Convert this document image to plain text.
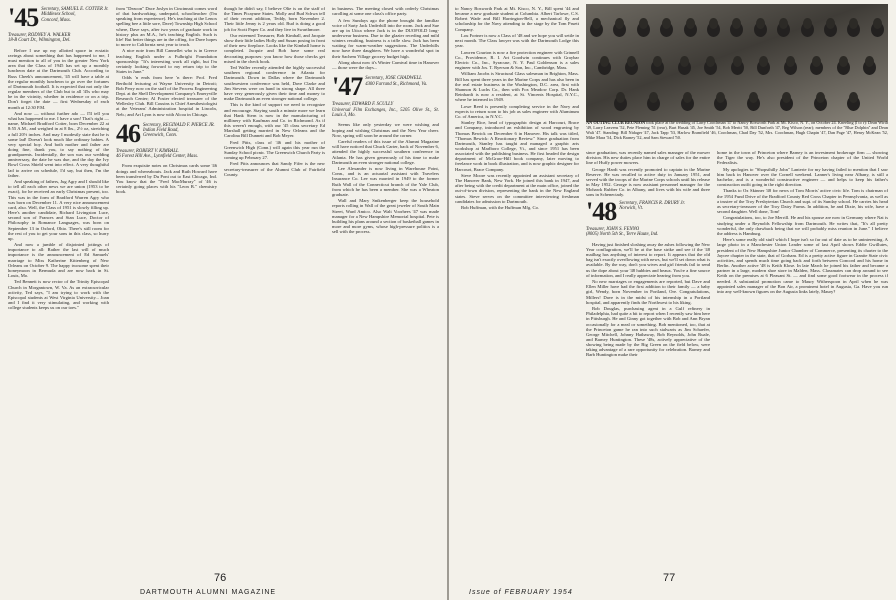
'45 Secretary, SAMUEL E. COTTER Jr.
Middlesex School,
Concord, Mass.
Treasurer, RODNEY A. WALKER
18-B Court Dr., Wilmington, Del.

Before I use up my allotted space in ecstatic ravings about something that has happened to me, I must mention to all of you in the greater New York area that the Class of 1945 has set up a monthly luncheon date at the Dartmouth Club. According to Russ Cheek's announcement, '45 will have a table at the regular monthly luncheon to go over the fortunes of Dartmouth football. It is expected that not only the regular members of the Club but to all '45s who may be in the vicinity, whether in residence or on a trip. Don't forget the date — first Wednesday of each month at 12:30 P.M.

And now — without further ado — I'll tell you what has happened to me. I have a son! That's right — name, Michael Bradford Cotter, born December 22 at 8:55 A.M., and weighed in at 8 lbs., 2½ oz, stretching a full 20½ inches. And may I modestly state that he is some lad! Doesn't look much like ordinary babies. A very special boy. And both mother and father are doing fine, thank you, to say nothing of the grandparents. Incidentally, the son was our wedding anniversary, the date he was due, and the day the Ivy Bowl Cross Shield went into effect. A very thoughtful lad to arrive on schedule, I'd say, but then, I'm the father.

And speaking of fathers, Jug Agry and I should like to tell all each other news we are union (1953 to be exact), for he received an early Christmas present, too. This was in the form of Bradford Warren Agry who was born on December 11. A very nice announcement card, also. Well, the Class of 1951 is slowly filling up. Here's another candidate, Richard Livingston Luce, second son of Frances and Stan Luce, Doctor of Philosophy in Romance Languages, was born on September 13 in Oxford, Ohio. There's still room for the rest of you to get your sons in this class, so hurry up.

And now a jumble of disjointed jottings of importance to all: Rather the last will of much importance is the announcement of Ed Samuels' marriage to Miss Katherine Kittenberg of New Orleans on October 9. The happy twosome spent their honeymoon in Bermuda and are now back in St. Louis, Mo.

Ted Bennett is now rector of the Trinity Episcopal Church in Morgantown, W. Va. As an extracurricular activity, Ted says, "I am trying to work with the Episcopal students at West Virginia University... Joan and I find it very stimulating, and working with college students keeps us on our toes."

from "Deacon" Dace Joslyn in Cincinnati comes word of that hardworking, underpaid, schoolteacher (I'm speaking from experience). He's teaching at the Lenox spelling bee a little sore, Dave) Township High School where, Dave says, after two years of graduate work in history plus an M.A., he's teaching English. Such is life! But better things are in the offing, for Dave hopes to move to California next year to teach.

A nice note from Bill Cannellet who is in Greece teaching English under a Fulbright Foundation sponsorship: "It's interesting work all right, but I'm certainly looking forward to my return trip to the States in June."

Odds 'n ends from here 'n there: Prof. Fred Berthold lecturing at Wayne University in Detroit; Bob Perry now on the staff of the Process Engineering Dept. at the Shell Development Company's Emeryville Research Center; Al Foster elected treasurer of the Wellesley Club. Bill Cousins is Chief Anesthesiologist at the Veterans' Administration hospital in Lincoln, Neb.; and Art Lyon is now with Alcoa in Chicago.

46 Secretary, REGINALD F. PIERCE JR.
Indian Field Road,
Greenwich, Conn.
Treasurer, ROBERT V. KIMBALL
46 Forest Hill Ave., Lynnfield Center, Mass.

From exquisite notes on Christmas cards some '46 doings and whereabouts. Jack and Ruth Howard have been transferred by Du Pont out to East Chicago, Ind. You know that the "Fred MacMurray" of '46 is certainly going places with his "Leon B." chemistry book.

though he didn't say, I believe Olie is on the staff of the Times Picayune States. Molly and Bud Schwa tell of their recent addition, Teddy, born November 2. Their little Jenny is 2 years old. Bud is doing a good job for Scott Paper Co. and they live in Swarthmore.

Our esteemed Treasurer, Bob Kimball, and Jacquie show their little ladies Holly and Susan posing in front of their new fireplace. Looks like the Kimball home is completed. Jacquie and Bob have some real decorating purposes: you know how those checks get mixed in the check book.

Ted Waller recently attended the highly successful southern regional conference in Atlanta for Dartmouth. Down in Dallas where the Dartmouth southwestern conference was held, Dave Clarke and Jim Stevens were on hand in strong shape. All three have very generously given their time and money to make Dartmouth an even stronger national college.

This is the kind of support we need to recognize and encourage. Staying south a minute more we learn that Hank Stern is now in the manufacturing of millinery with Kaufman and Co. in Richmond. As if this weren't enough, with our '45 class secretary Ed Marshall getting married in New Orleans and the Carolina Bill Dunnett and Bob Meyer.

Fred Pitts, class of '46 and his mother of Greenwich High (Conn.) will again this year run the Sunday School picnic. The Greenwich Church Party is coming up February 27.

Fred Pitts announces that Sandy Fifer is the new secretary-treasurer of the Alumni Club of Fairfield County.

in business. The meeting closed with orderly Christmas carolling at some one class's office party.

A few Sundays ago the phone brought the familiar voice of Sarty Jack Underhill into the room. Jack and Sue are up in Utica where Jack is in the DUOFOLD long-underwear business. Due to the glazier receding and mild winters resulting, business is a trifle slow. Jack has been waiting for warm-weather suggestions. The Underhills now have three daughters. We have a wonderful spot in their Sachem Village grocery budget high.

Along about now it's Winter Carnival time in Hanover — those were the days...

'47 Secretary, JOSE CHADWELL
4300 Farrand St., Richmond, Va.
Treasurer, EDWARD F. SCULLY
Universal Film Exchanges, Inc., 5205 Olive St., St. Louis 3, Mo.

Seems like only yesterday we were wishing and hoping and wishing Christmas and the New Year cheer. Now, spring will soon be around the corner.

Careful readers of this issue of the Alumni Magazine will have noticed that Chuck Carter, back of November 6, attended the highly successful southern conference in Atlanta. He has given generously of his time to make Dartmouth an even stronger national college.

Lee Alexander is now living in Warehouse Point, Conn., and is an actuarial assistant with Travelers Insurance Co. Lee was married in 1949 to the former Ruth Wall of the Connecticut branch of the Yale Club, from which he has been a member. She was a Wheaton graduate.

Wall and Mary Snikenberger keep the household reports rolling in Wall of the great jeweler of South Main Street, Ward Amico. Also Walt Voorhees '47 was made manager for a New Hampshire Memorial hospital. Pete is building his plans around a section of basketball games in more and more gyms, whose high-pressure politics is a sell with the process.

76
DARTMOUTH ALUMNI MAGAZINE

to Nancy Bosworth Park at Mt. Kisco, N. Y., Bill spent '44 and became a new graduate student at Columbia. Albert Tarlowe, C.S. Robert Wade and Bill Harrington-Bell, a mechanical fly and scholarship for the Navy attending to the stage by the Tom Pruett Company.

Lou Fortner is now a Class of '48 and we hope you will settle in next month. The Class lawyer was with the Dartmouth Lodge this year.

Lawren Courton is now a fire protection engineer with Grinnell Co., Providence, R. I. Art Goodwin continues with Graybar Electric Co., Inc., Syracuse, N. Y. Paul Goldenson is a sales engineer with Jos. T. Ryerson & Son, Inc., Cambridge, Mass.

William Jacobs is Structural Glass salesman in Brighton, Mass. Bill has spent three years in the Marine Corps and has also been in the real estate business in the Washington, D.C. area, first with Shannon & Luchs Co., then with Fox Meadow Corp. Dr. Hank Reinhardt is now a resident, at St. Vincents Hospital, N.Y.C., where he interned in 1949.

Lowe Reed is presently completing service in the Navy and expects to return soon to his job as sales engineer with Aluminum Co. of America, in N.Y.C.

Stanley Rice, head of typographic design at Harcourt, Brace and Company, introduced an exhibition of wood engraving by Thomas Bewick on December 6 in Hanover. His talk was titled, "Thomas Bewick: A Reactionary Review." Since graduation from Dartmouth, Stanley has taught and managed a graphic arts workshop at Marlboro College, Vt., and since 1951 has been associated with the publishing business. He first headed the design department of McGraw-Hill book company, later moving to freelance work in book illustration, and is now graphic designer for Harcourt, Brace Company.

Steve Moore was recently appointed an assistant secretary of The Hanover Bank, New York. He joined this bank in 1947, and after being with the credit department at the main office, joined the out-of-town division, representing the bank in the New England states. Steve serves on the committee interviewing freshman candidates for admission to Dartmouth.

Bob Huffman, with the Huffman Mfg. Co.	'48 Secretary, FRANCIS R. DRURY Jr.
Norwich, Vt.
Treasurer, JOHN S. FENNO
(8005) North 5th St., Terre Haute, Ind.

Having just finished sloshing away the ashes following the New Year conflagration, we'll be at the base strike and see if the '48 mailbag has anything of interest to report. It appears that the old bag isn't exactly overflowing with news, but we'll set down what is available. By the way, don't you wives and girl friends fail to send us the dope about your '48 hubbies and beaux. You're a fine source of information, and I really appreciate hearing from you.

No new marriages or engagements are reported, but Dave and Ellen Miller have had the first addition to their family — a baby girl, Wendy, born November in Portland, Ore. Congratulations, Millers! Dave is in the midst of his internship in a Portland hospital, and apparently finds the Northwest to his liking.

Bob Douglas, purchasing agent in a Gulf refinery in Philadelphia, had quite a bit to report when I recently saw him here in Pittsburgh. He and Ginny got together with Bob and Ann Bryan occasionally for a meal or something. Bob mentioned, too, that at the Princeton game he ran into such stalwarts as Jim Schaefer, George Mitchell, Johnny Hathaway, Bob Reynolds, John Ruale, and Barney Huntington. These '48s, actively appreciative of the showing being made by the Big Green on the field below, were taking advantage of a rare opportunity for celebration. Barney and Barb Huntington make their

since graduation, was recently named sales manager of the mower division. His new duties place him in charge of sales for the entire line of Huffy power mowers.

George Hardt was recently promoted to captain in the Marine Reserve. He was recalled to active duty in January 1951, and served with the troops of the Marine Corps schools until his release in May 1952. George is now assistant personnel manager for the Mohawk Rubber Co. in Albany, and lives with his wife and three sons in Schenectady.

AN OUTING CLUB REUNION took place at the wedding of Larry Coochman '47 to Nancy Bosworth Park at Mt. Kisco, N. Y., on October 24. Kneeling (l to r): Dean Wirth '49, Larry Leavens '52, Pete Fleming '51 (rear), Burt Husak '45, Joe Smith '54, Bob Meritt '50, Bill Dunforth '47, Reg Wilson (rear); members of the "Blue Dolphin" and Dean Walt '47. Standing: Bill Nidager '47, Jack Tapp '53, Harlow Bramfield '46, Coochman, Chad Day '52, Mrs. Coochman, Hugh Chapin '47, Dan Page '47, Henry McKean '52, Mike Mara '54, Dick Barney '52, and Sam Steward '50.

home in the town of Princeton where Barney is an investment brokerage firm — showing the Tiger the way. He's also president of the Princeton chapter of the United World Federalists.

My apologies to "Shopsthilly John" Lanterie for my having failed to mention that I saw him back in Hanover over the Cornell weekend. Lanner's living near Albany, is still a bachelor, and is a wonderful constructive engineer — and helps to keep his father's construction outfit going in the right direction.

Thanks to Ox Skinner '48 for news of Tom Morris' active civic life. Tom is chairman of the 1954 Fund Drive of the Bradford County Red Cross Chapter in Pennsylvania, as well as a trustee of the Troy Presbyterian Church and supt. of its Sunday school. He carries his head as secretary-treasurer of the Troy Dairy Farms. In addition, he and Dixie, his wife, have a second daughter. Well done, Tom!

Congratulations, too, to Joe Merrill. He and his spouse are now in Germany where Nat is studying under a Reynolds Fellowship from Dartmouth. He writes that, "It's all pretty wonderful, the only drawback being that we will probably miss reunion in June." I believe the address is Hamburg.

Here's some really old stuff which I hope isn't so far out of date as to be uninteresting. A large photo in a Manchester Union Leader some of last April shows Eddie Gwillutes, president of the New Hampshire Junior Chamber of Commerce, presenting its charter to the Jaycee chapter in the state, that of Gorham. Ed is a pretty active figure in Granite State civic activities, and spends much time going back and forth between Concord and his home in Berlin. Another active '48 is Keith Klose. In late March he joined his father and became a partner in a large, modern shoe store in Malden, Mass. Classmates can drop around to see Keith on the premises at 6 Pleasant St. — and find some good footwear in the process if needed. A substantial promotion came to Maury Witherspoon in April when he was appointed sales manager of the Bon Air, a prominent hotel in Augusta, Ga. Have you run into any well-known figures on the Augusta links lately, Maury?

Issue of FEBRUARY 1954
77
